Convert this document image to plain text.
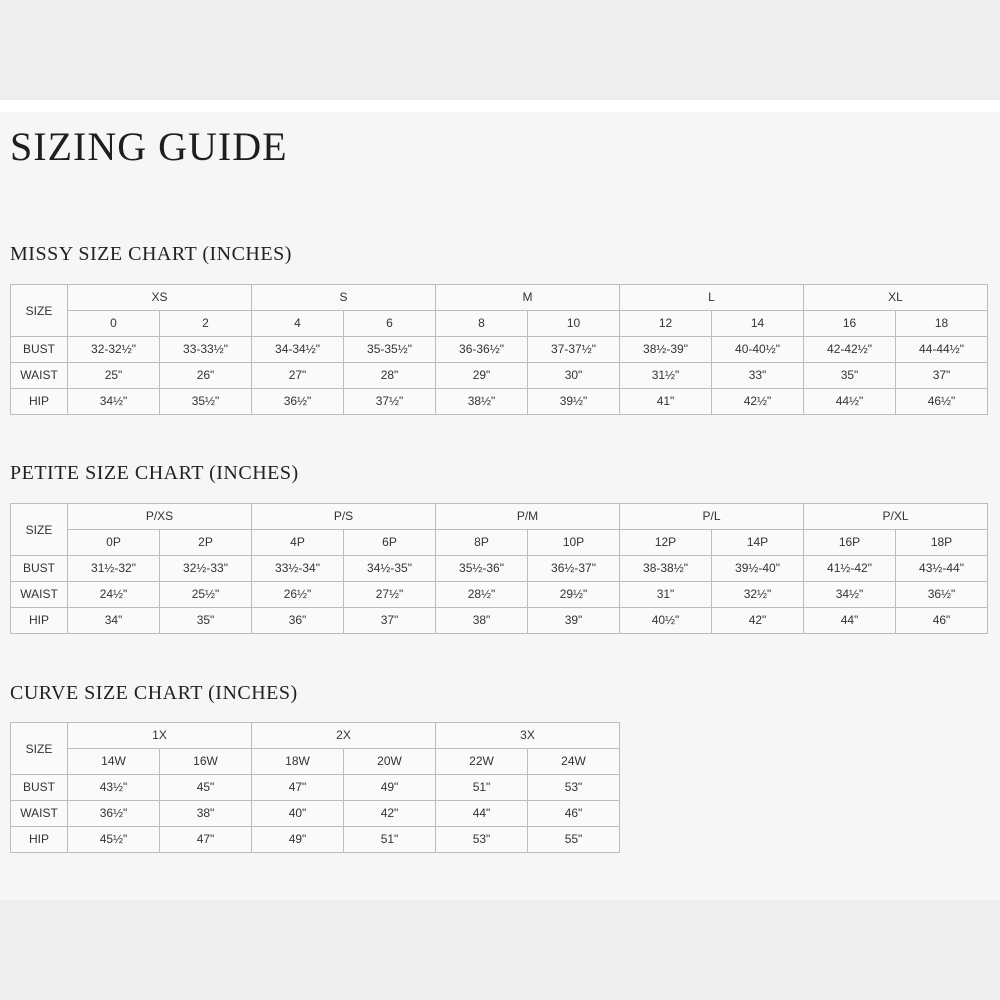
SIZING GUIDE
MISSY SIZE CHART (INCHES)
SIZE	XS		S		M		L		XL	
	0	2	4	6	8	10	12	14	16	18
BUST	32-32½"	33-33½"	34-34½"	35-35½"	36-36½"	37-37½"	38½-39"	40-40½"	42-42½"	44-44½"
WAIST	25"	26"	27"	28"	29"	30"	31½"	33"	35"	37"
HIP	34½"	35½"	36½"	37½"	38½"	39½"	41"	42½"	44½"	46½"
PETITE SIZE CHART (INCHES)
SIZE	P/XS		P/S		P/M		P/L		P/XL	
	0P	2P	4P	6P	8P	10P	12P	14P	16P	18P
BUST	31½-32"	32½-33"	33½-34"	34½-35"	35½-36"	36½-37"	38-38½"	39½-40"	41½-42"	43½-44"
WAIST	24½"	25½"	26½"	27½"	28½"	29½"	31"	32½"	34½"	36½"
HIP	34"	35"	36"	37"	38"	39"	40½"	42"	44"	46"
CURVE SIZE CHART (INCHES)
SIZE	1X		2X		3X	
	14W	16W	18W	20W	22W	24W
BUST	43½"	45"	47"	49"	51"	53"
WAIST	36½"	38"	40"	42"	44"	46"
HIP	45½"	47"	49"	51"	53"	55"
